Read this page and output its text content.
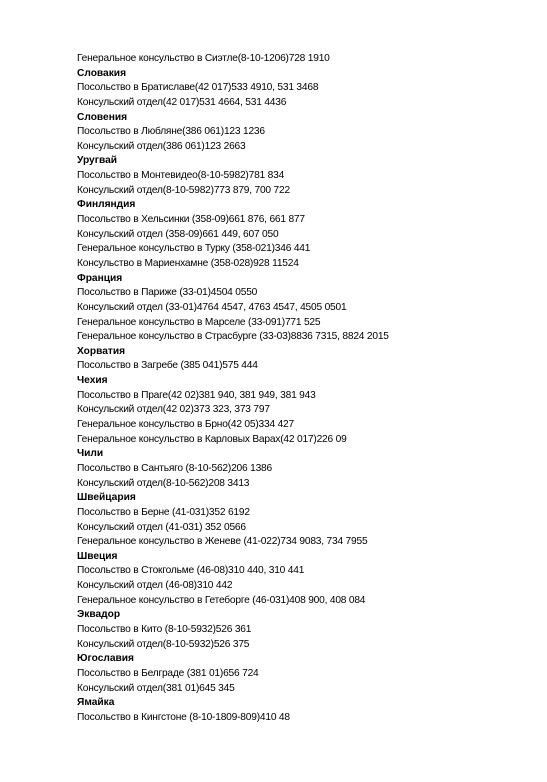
Генеральное консульство в Сиэтле(8-10-1206)728 1910
Словакия
Посольство в Братиславе(42 017)533 4910, 531 3468
Консульский отдел(42 017)531 4664, 531 4436
Словения
Посольство в Любляне(386 061)123 1236
Консульский отдел(386 061)123 2663
Уругвай
Посольство в Монтевидео(8-10-5982)781 834
Консульский отдел(8-10-5982)773 879, 700 722
Финляндия
Посольство в Хельсинки (358-09)661 876, 661 877
Консульский отдел (358-09)661 449, 607 050
Генеральное консульство в Турку (358-021)346 441
Консульство в Мариенхамне (358-028)928 11524
Франция
Посольство в Париже (33-01)4504 0550
Консульский отдел (33-01)4764 4547, 4763 4547, 4505 0501
Генеральное консульство в Марселе (33-091)771 525
Генеральное консульство в Страсбурге (33-03)8836 7315, 8824 2015
Хорватия
Посольство в Загребе (385 041)575 444
Чехия
Посольство в Праге(42 02)381 940, 381 949, 381 943
Консульский отдел(42 02)373 323, 373 797
Генеральное консульство в Брно(42 05)334 427
Генеральное консульство в Карловых Варах(42 017)226 09
Чили
Посольство в Сантьяго (8-10-562)206 1386
Консульский отдел(8-10-562)208 3413
Швейцария
Посольство в Берне (41-031)352 6192
Консульский отдел (41-031) 352 0566
Генеральное консульство в Женеве (41-022)734 9083, 734 7955
Швеция
Посольство в Стокгольме (46-08)310 440, 310 441
Консульский отдел (46-08)310 442
Генеральное консульство в Гетеборге (46-031)408 900, 408 084
Эквадор
Посольство в Кито (8-10-5932)526 361
Консульский отдел(8-10-5932)526 375
Югославия
Посольство в Белграде (381 01)656 724
Консульский отдел(381 01)645 345
Ямайка
Посольство в Кингстоне (8-10-1809-809)410 48
